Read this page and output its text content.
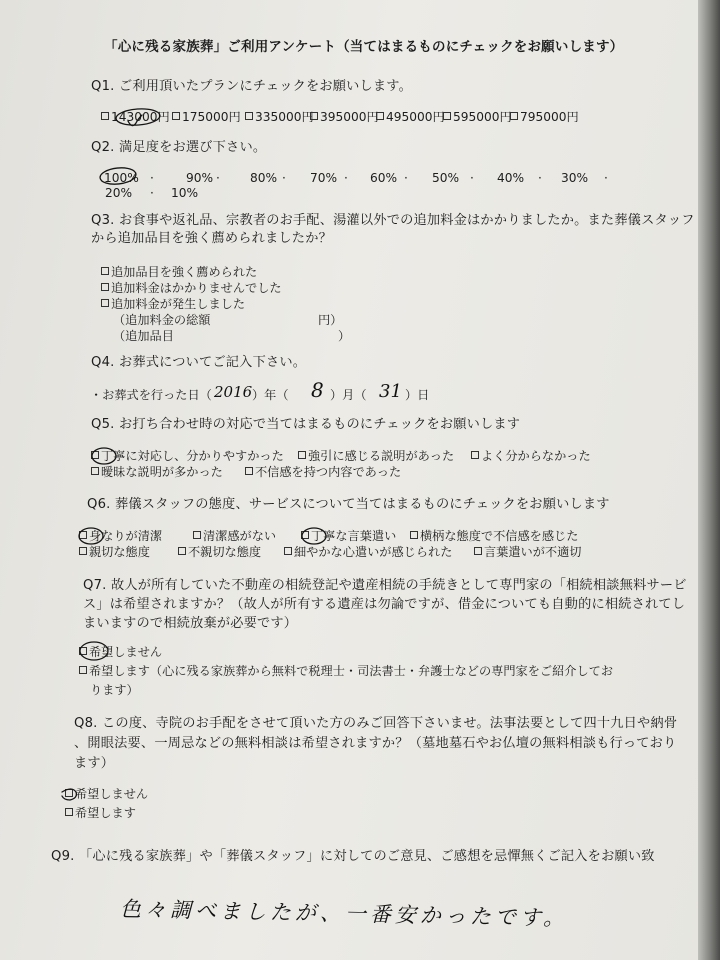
「心に残る家族葬」ご利用アンケート（当てはまるものにチェックをお願いします）
Q1. ご利用頂いたプランにチェックをお願いします。
143000円	175000円	335000円 395000円 495000円 595000円 795000円
Q2. 満足度をお選び下さい。
100%	90%	80%	70%	60%	50%	40%	30%
20%	10%
·	·	·	·	·	·	·	·
·
Q3. お食事や返礼品、宗教者のお手配、湯灌以外での追加料金はかかりましたか。また葬儀スタッフ
から追加品目を強く薦められましたか？
追加品目を強く薦められた
追加料金はかかりませんでした
追加料金が発生しました
（追加料金の総額	円）
（追加品目	）
Q4. お葬式についてご記入下さい。
・お葬式を行った日（	）年（	）月（	）日
2016	8	31
Q5. お打ち合わせ時の対応で当てはまるものにチェックをお願いします
丁寧に対応し、分かりやすかった	強引に感じる説明があった	よく分からなかった
曖昧な説明が多かった	不信感を持つ内容であった
Q6. 葬儀スタッフの態度、サービスについて当てはまるものにチェックをお願いします
身なりが清潔	清潔感がない	丁寧な言葉遣い	横柄な態度で不信感を感じた
親切な態度	不親切な態度	細やかな心遣いが感じられた	言葉遣いが不適切
Q7. 故人が所有していた不動産の相続登記や遺産相続の手続きとして専門家の「相続相談無料サービ
ス」は希望されますか？（故人が所有する遺産は勿論ですが、借金についても自動的に相続されてし
まいますので相続放棄が必要です）
希望しません
希望します（心に残る家族葬から無料で税理士・司法書士・弁護士などの専門家をご紹介してお
ります）
Q8. この度、寺院のお手配をさせて頂いた方のみご回答下さいませ。法事法要として四十九日や納骨
、開眼法要、一周忌などの無料相談は希望されますか？（墓地墓石やお仏壇の無料相談も行っており
ます）
希望しません
希望します
Q9. 「心に残る家族葬」や「葬儀スタッフ」に対してのご意見、ご感想を忌憚無くご記入をお願い致
色々調べましたが、一番安かったです。
